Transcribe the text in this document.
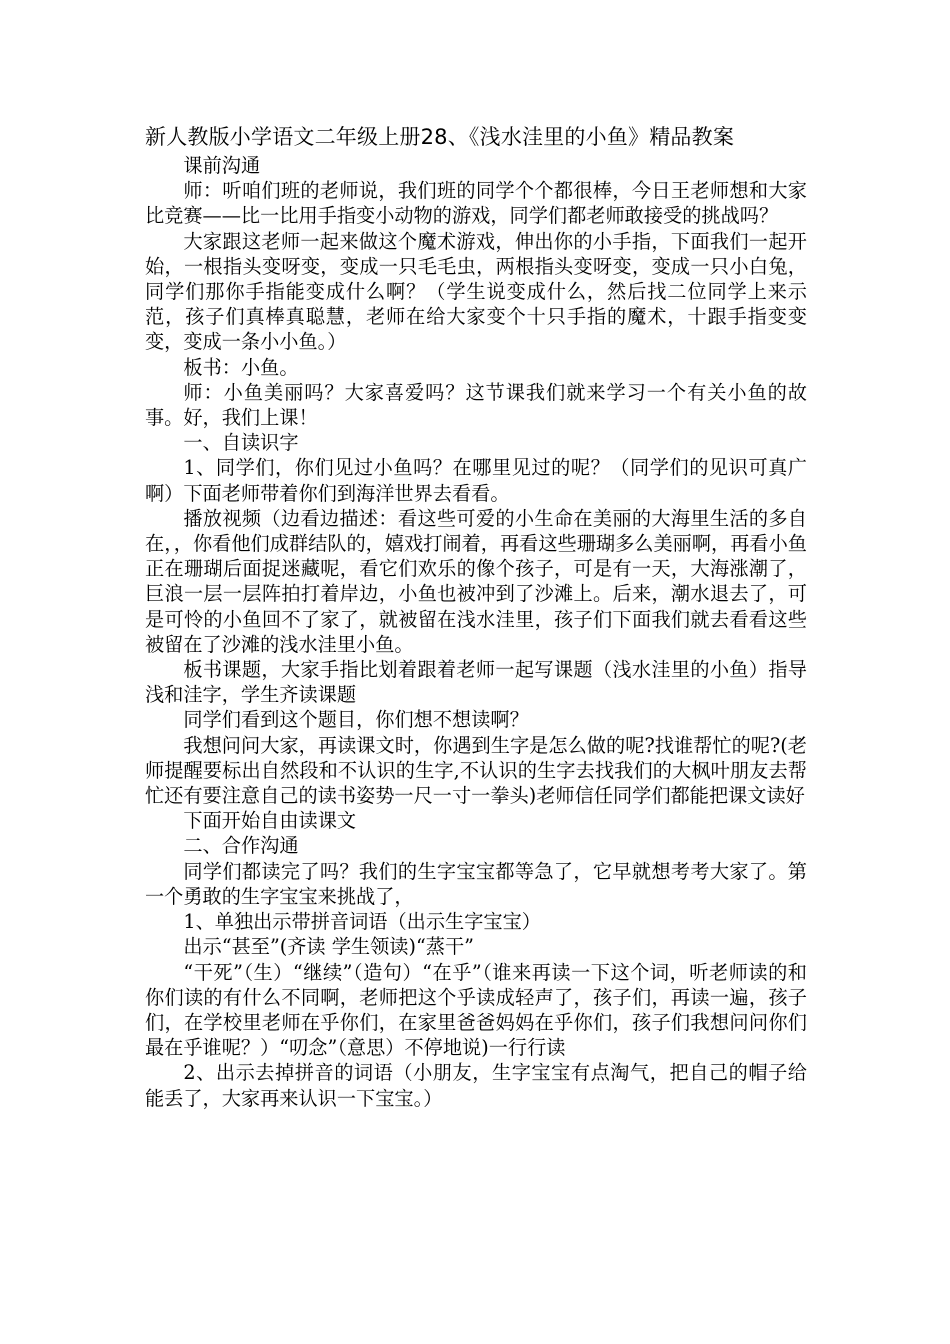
新人教版小学语文二年级上册28、《浅水洼里的小鱼》精品教案

课前沟通

师：听咱们班的老师说，我们班的同学个个都很棒，今日王老师想和大家比竞赛——比一比用手指变小动物的游戏，同学们都老师敢接受的挑战吗？

大家跟这老师一起来做这个魔术游戏，伸出你的小手指，下面我们一起开始，一根指头变呀变，变成一只毛毛虫，两根指头变呀变，变成一只小白兔，同学们那你手指能变成什么啊？（学生说变成什么，然后找二位同学上来示范，孩子们真棒真聪慧，老师在给大家变个十只手指的魔术，十跟手指变变变，变成一条小小鱼。）

板书：小鱼。

师：小鱼美丽吗？大家喜爱吗？这节课我们就来学习一个有关小鱼的故事。好，我们上课！

一、自读识字

1、同学们，你们见过小鱼吗？在哪里见过的呢？（同学们的见识可真广啊）下面老师带着你们到海洋世界去看看。

播放视频（边看边描述：看这些可爱的小生命在美丽的大海里生活的多自在，，你看他们成群结队的，嬉戏打闹着，再看这些珊瑚多么美丽啊，再看小鱼正在珊瑚后面捉迷藏呢，看它们欢乐的像个孩子，可是有一天，大海涨潮了，巨浪一层一层阵拍打着岸边，小鱼也被冲到了沙滩上。后来，潮水退去了，可是可怜的小鱼回不了家了，就被留在浅水洼里，孩子们下面我们就去看看这些被留在了沙滩的浅水洼里小鱼。

板书课题，大家手指比划着跟着老师一起写课题（浅水洼里的小鱼）指导浅和洼字，学生齐读课题

同学们看到这个题目，你们想不想读啊？

我想问问大家，再读课文时，你遇到生字是怎么做的呢?找谁帮忙的呢?(老师提醒要标出自然段和不认识的生字,不认识的生字去找我们的大枫叶朋友去帮忙还有要注意自己的读书姿势一尺一寸一拳头)老师信任同学们都能把课文读好

下面开始自由读课文

二、合作沟通

同学们都读完了吗？我们的生字宝宝都等急了，它早就想考考大家了。第一个勇敢的生字宝宝来挑战了，

1、单独出示带拼音词语（出示生字宝宝）

出示“甚至”(齐读 学生领读)“蒸干”

“干死”（生）“继续”（造句）“在乎”（谁来再读一下这个词，听老师读的和你们读的有什么不同啊，老师把这个乎读成轻声了，孩子们，再读一遍，孩子们，在学校里老师在乎你们，在家里爸爸妈妈在乎你们，孩子们我想问问你们最在乎谁呢？）“叨念”（意思）不停地说)一行行读

2、出示去掉拼音的词语（小朋友，生字宝宝有点淘气，把自己的帽子给能丢了，大家再来认识一下宝宝。）
